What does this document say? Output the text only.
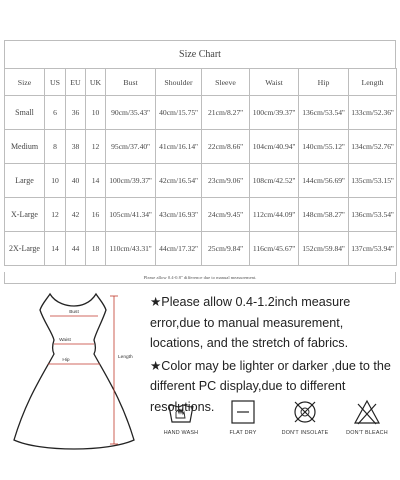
Size Chart
Size	US	EU	UK	Bust	Shoulder	Sleeve	Waist	Hip	Length
Small	6	36	10	90cm/35.43''	40cm/15.75''	21cm/8.27''	100cm/39.37''	136cm/53.54''	133cm/52.36''
Medium	8	38	12	95cm/37.40''	41cm/16.14''	22cm/8.66''	104cm/40.94''	140cm/55.12''	134cm/52.76''
Large	10	40	14	100cm/39.37''	42cm/16.54''	23cm/9.06''	108cm/42.52''	144cm/56.69''	135cm/53.15''
X-Large	12	42	16	105cm/41.34''	43cm/16.93''	24cm/9.45''	112cm/44.09''	148cm/58.27''	136cm/53.54''
2X-Large	14	44	18	110cm/43.31''	44cm/17.32''	25cm/9.84''	116cm/45.67''	152cm/59.84''	137cm/53.94''
Please allow 0.4-0.8" difference due to manual measurement.
Bust
Waist
Hip
Length

★Please allow 0.4-1.2inch measure error,due to manual measurement, locations, and the stretch of fabrics.

★Color may be lighter or darker ,due to the different PC display,due to different resolutions.

HAND WASH	FLAT DRY	DON'T INSOLATE	DON'T BLEACH
